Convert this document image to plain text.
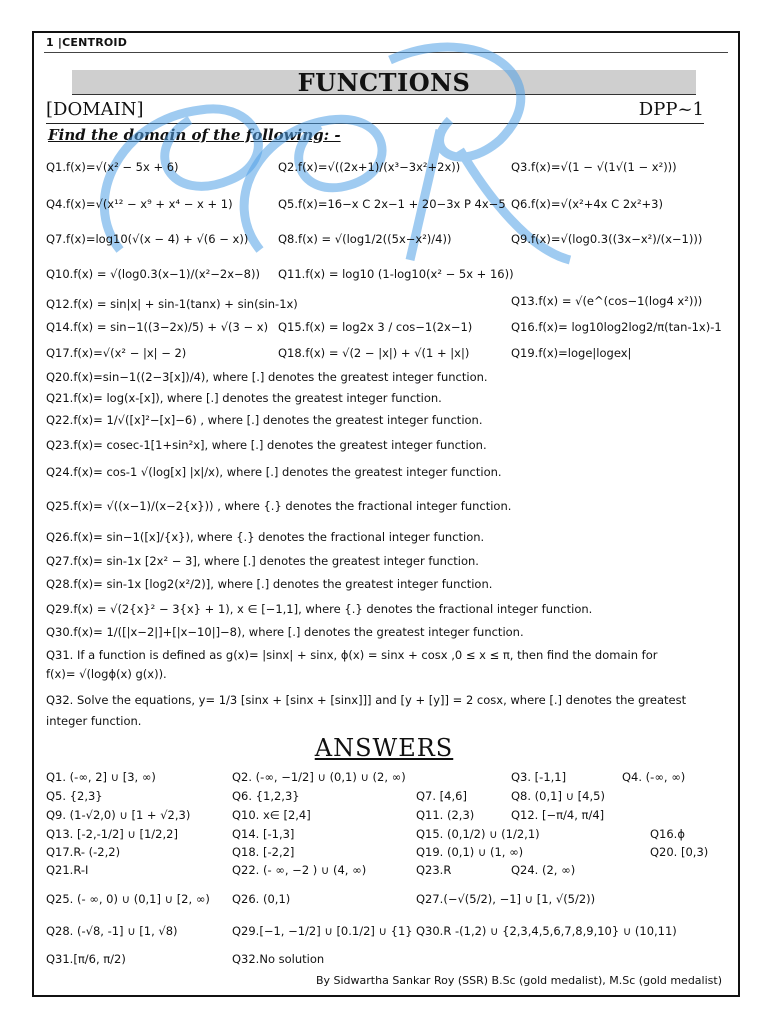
1 |CENTROID
FUNCTIONS
[DOMAIN]	DPP~1
Find the domain of the following: -
Q1.f(x)=√(x² − 5x + 6)	Q2.f(x)=√((2x+1)/(x³−3x²+2x))	Q3.f(x)=√(1 − √(1√(1 − x²)))
Q4.f(x)=√(x¹² − x⁹ + x⁴ − x + 1)	Q5.f(x)=16−x C 2x−1 + 20−3x P 4x−5 Q6.f(x)=√(x²+4x C 2x²+3)
Q7.f(x)=log10(√(x − 4) + √(6 − x))	Q8.f(x) = √(log1/2((5x−x²)/4))	Q9.f(x)=√(log0.3((3x−x²)/(x−1)))
Q10.f(x) = √(log0.3(x−1)/(x²−2x−8)) Q11.f(x) = log10 (1-log10(x² − 5x + 16))
Q12.f(x) = sin|x| + sin-1(tanx) + sin(sin-1x)	Q13.f(x) = √(e^(cos−1(log4 x²)))
Q14.f(x) = sin−1((3−2x)/5) + √(3 − x) Q15.f(x) = log2x 3 / cos−1(2x−1)	Q16.f(x)= log10log2log2/π(tan-1x)-1
Q17.f(x)=√(x² − |x| − 2)	Q18.f(x) = √(2 − |x|) + √(1 + |x|)	Q19.f(x)=loge|logex|
Q20.f(x)=sin−1((2−3[x])/4), where [.] denotes the greatest integer function.
Q21.f(x)= log(x-[x]), where [.] denotes the greatest integer function.
Q22.f(x)= 1/√([x]²−[x]−6) , where [.] denotes the greatest integer function.
Q23.f(x)= cosec-1[1+sin²x], where [.] denotes the greatest integer function.
Q24.f(x)= cos-1 √(log[x] |x|/x), where [.] denotes the greatest integer function.
Q25.f(x)= √((x−1)/(x−2{x})) , where {.} denotes the fractional integer function.
Q26.f(x)= sin−1([x]/{x}), where {.} denotes the fractional integer function.
Q27.f(x)= sin-1x [2x² − 3], where [.] denotes the greatest integer function.
Q28.f(x)= sin-1x [log2(x²/2)], where [.] denotes the greatest integer function.
Q29.f(x) = √(2{x}² − 3{x} + 1), x ∈ [−1,1], where {.} denotes the fractional integer function.
Q30.f(x)= 1/([|x−2|]+[|x−10|]−8), where [.] denotes the greatest integer function.
Q31. If a function is defined as g(x)= |sinx| + sinx, ϕ(x) = sinx + cosx ,0 ≤ x ≤ π, then find the domain for
f(x)= √(logϕ(x) g(x)).
Q32. Solve the equations, y= 1/3 [sinx + [sinx + [sinx]]] and [y + [y]] = 2 cosx, where [.] denotes the greatest
integer function.
ANSWERS
Q1. (-∞, 2] ∪ [3, ∞)	Q2. (-∞, −1/2] ∪ (0,1) ∪ (2, ∞)	Q3. [-1,1]	Q4. (-∞, ∞)
Q5. {2,3}	Q6. {1,2,3}	Q7. [4,6]	Q8. (0,1] ∪ [4,5)
Q9. (1-√2,0) ∪ [1 + √2,3)	Q10. x∈ [2,4]	Q11. (2,3)	Q12. [−π/4, π/4]
Q13. [-2,-1/2] ∪ [1/2,2]	Q14. [-1,3]	Q15. (0,1/2) ∪ (1/2,1)	Q16.ϕ
Q17.R- (-2,2)	Q18. [-2,2]	Q19. (0,1) ∪ (1, ∞)	Q20. [0,3)
Q21.R-I	Q22. (- ∞, −2 ) ∪ (4, ∞)	Q23.R	Q24. (2, ∞)
Q25. (- ∞, 0) ∪ (0,1] ∪ [2, ∞) Q26. (0,1)	Q27.(−√(5/2), −1] ∪ [1, √(5/2))
Q28. (-√8, -1] ∪ [1, √8)	Q29.[−1, −1/2] ∪ [0.1/2] ∪ {1} Q30.R -(1,2) ∪ {2,3,4,5,6,7,8,9,10} ∪ (10,11)
Q31.[π/6, π/2)	Q32.No solution
By Sidwartha Sankar Roy (SSR) B.Sc (gold medalist), M.Sc (gold medalist)
